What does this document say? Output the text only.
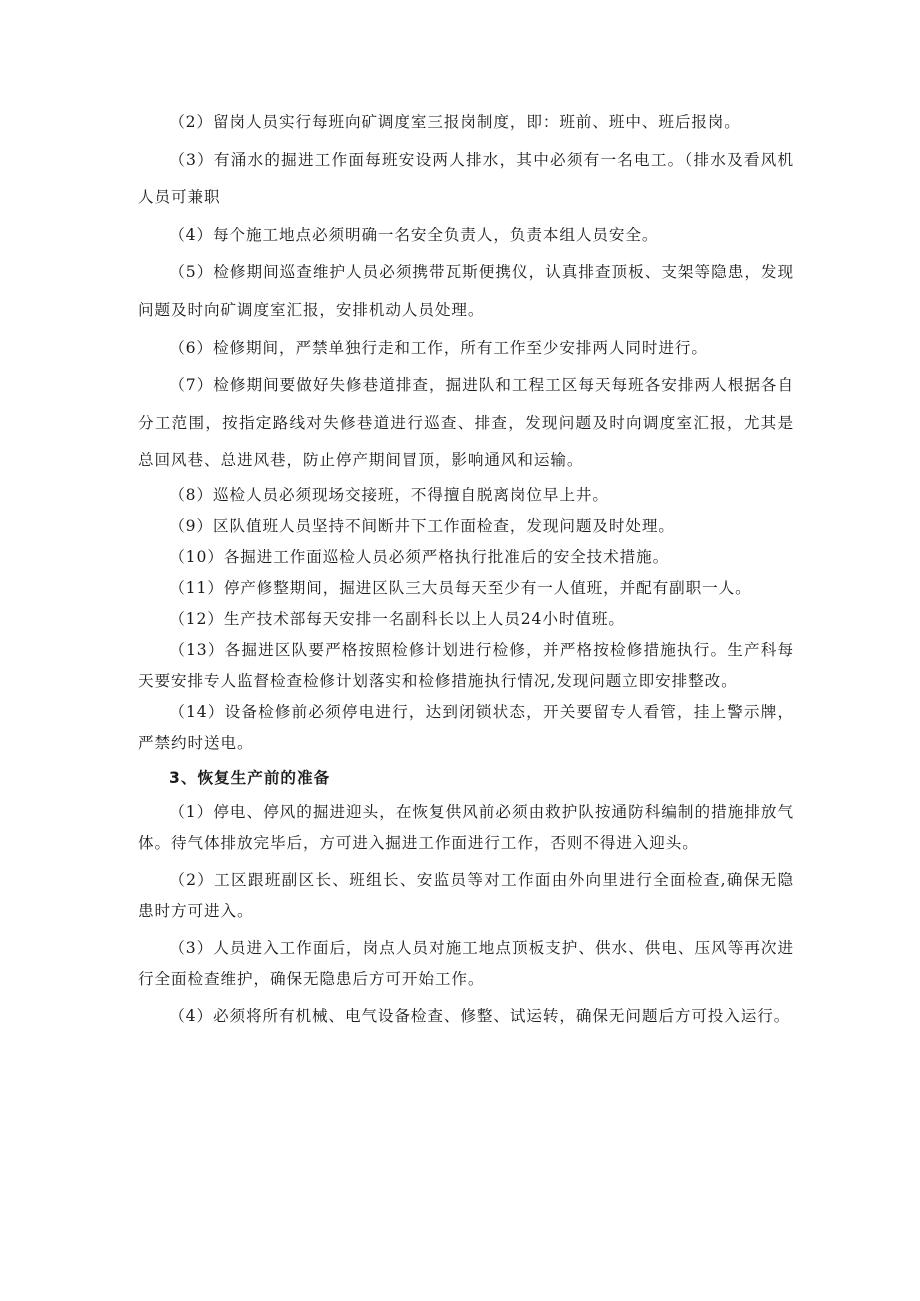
（2）留岗人员实行每班向矿调度室三报岗制度，即：班前、班中、班后报岗。

（3）有涌水的掘进工作面每班安设两人排水，其中必须有一名电工。（排水及看风机人员可兼职

（4）每个施工地点必须明确一名安全负责人，负责本组人员安全。

（5）检修期间巡查维护人员必须携带瓦斯便携仪，认真排查顶板、支架等隐患，发现问题及时向矿调度室汇报，安排机动人员处理。

（6）检修期间，严禁单独行走和工作，所有工作至少安排两人同时进行。

（7）检修期间要做好失修巷道排查，掘进队和工程工区每天每班各安排两人根据各自分工范围，按指定路线对失修巷道进行巡查、排查，发现问题及时向调度室汇报，尤其是总回风巷、总进风巷，防止停产期间冒顶，影响通风和运输。

（8）巡检人员必须现场交接班，不得擅自脱离岗位早上井。

（9）区队值班人员坚持不间断井下工作面检查，发现问题及时处理。

（10）各掘进工作面巡检人员必须严格执行批准后的安全技术措施。

（11）停产修整期间，掘进区队三大员每天至少有一人值班，并配有副职一人。

（12）生产技术部每天安排一名副科长以上人员24小时值班。

（13）各掘进区队要严格按照检修计划进行检修，并严格按检修措施执行。生产科每天要安排专人监督检查检修计划落实和检修措施执行情况,发现问题立即安排整改。

（14）设备检修前必须停电进行，达到闭锁状态，开关要留专人看管，挂上警示牌，严禁约时送电。

3、恢复生产前的准备

（1）停电、停风的掘进迎头，在恢复供风前必须由救护队按通防科编制的措施排放气体。待气体排放完毕后，方可进入掘进工作面进行工作，否则不得进入迎头。

（2）工区跟班副区长、班组长、安监员等对工作面由外向里进行全面检查,确保无隐患时方可进入。

（3）人员进入工作面后，岗点人员对施工地点顶板支护、供水、供电、压风等再次进行全面检查维护，确保无隐患后方可开始工作。

（4）必须将所有机械、电气设备检查、修整、试运转，确保无问题后方可投入运行。
